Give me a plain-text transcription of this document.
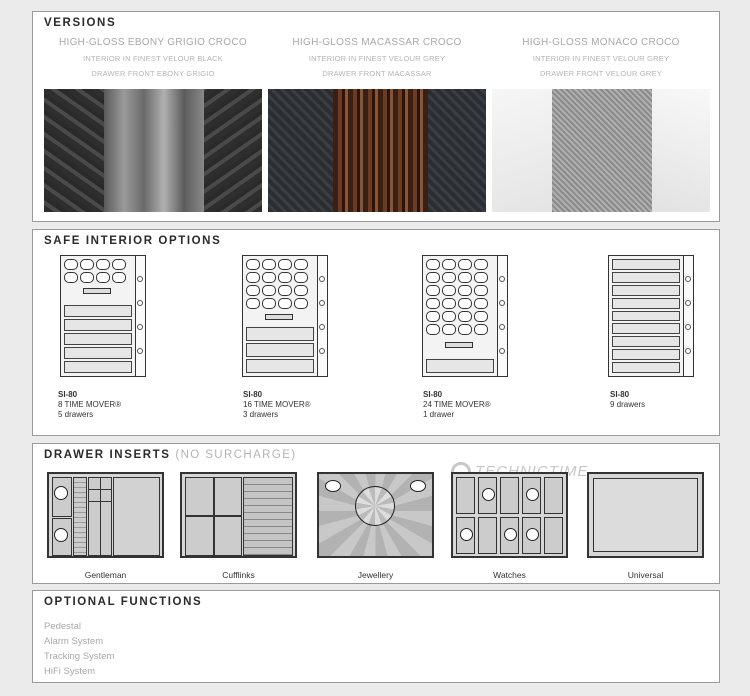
VERSIONS
HIGH-GLOSS EBONY GRIGIO CROCO
INTERIOR IN FINEST VELOUR BLACK
DRAWER FRONT EBONY GRIGIO
HIGH-GLOSS MACASSAR CROCO
INTERIOR IN FINEST VELOUR GREY
DRAWER FRONT MACASSAR
HIGH-GLOSS MONACO CROCO
INTERIOR IN FINEST VELOUR GREY
DRAWER FRONT VELOUR GREY
SAFE INTERIOR OPTIONS
SI-80
8 TIME MOVER®
5 drawers
SI-80
16 TIME MOVER®
3 drawers
SI-80
24 TIME MOVER®
1 drawer
SI-80
9 drawers
DRAWER INSERTS (NO SURCHARGE)
Gentleman	Cufflinks	Jewellery	Watches	Universal
OPTIONAL FUNCTIONS
Pedestal
Alarm System
Tracking System
HiFi System
